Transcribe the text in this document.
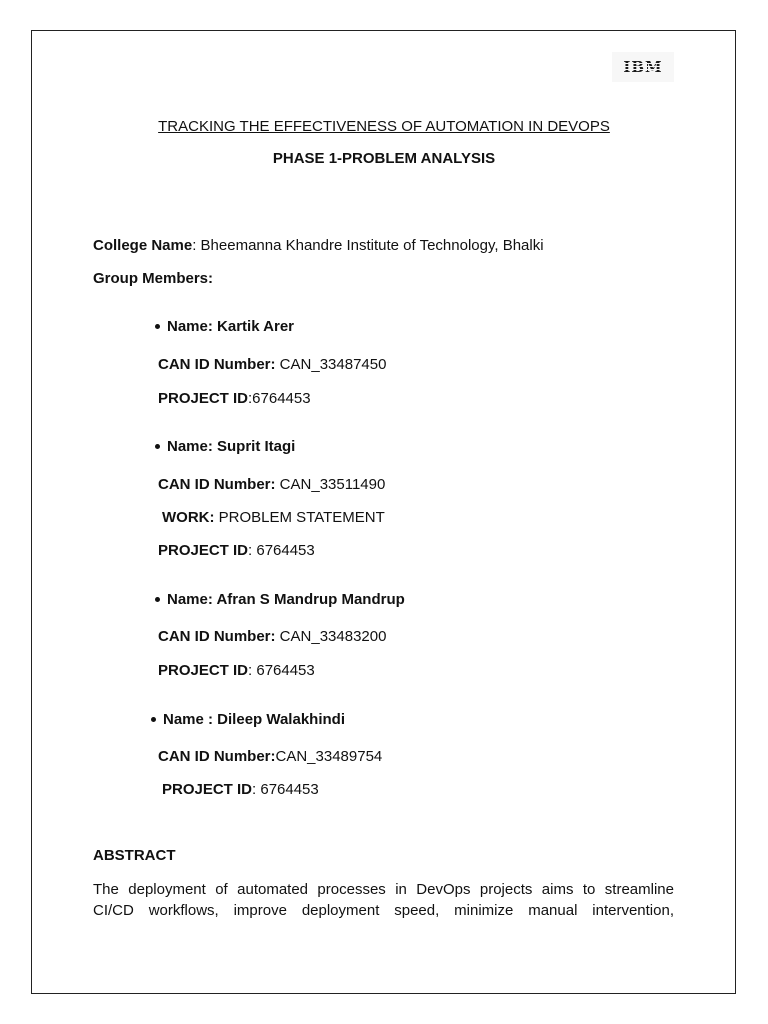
IBM
TRACKING THE EFFECTIVENESS OF AUTOMATION IN DEVOPS
PHASE 1-PROBLEM ANALYSIS
College Name: Bheemanna Khandre Institute of Technology, Bhalki
Group Members:
Name: Kartik Arer
CAN ID Number: CAN_33487450
PROJECT ID:6764453
Name: Suprit Itagi
CAN ID Number: CAN_33511490
WORK: PROBLEM STATEMENT
PROJECT ID: 6764453
Name: Afran S Mandrup Mandrup
CAN ID Number: CAN_33483200
PROJECT ID: 6764453
Name : Dileep Walakhindi
CAN ID Number:CAN_33489754
PROJECT ID: 6764453
ABSTRACT
The deployment of automated processes in DevOps projects aims to streamline
CI/CD workflows, improve deployment speed, minimize manual intervention,
